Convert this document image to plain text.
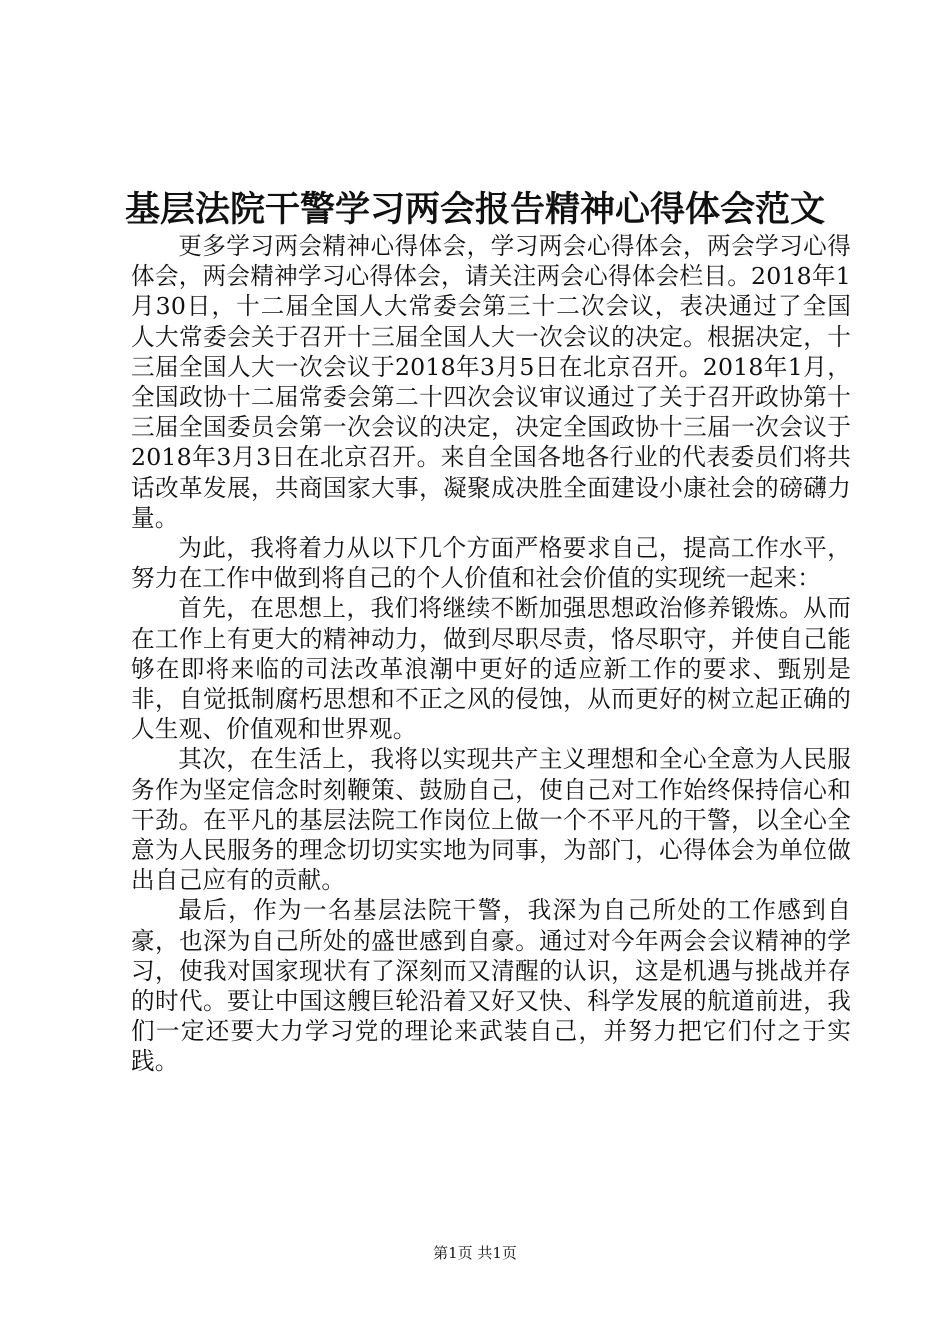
基层法院干警学习两会报告精神心得体会范文

更多学习两会精神心得体会，学习两会心得体会，两会学习心得体会，两会精神学习心得体会，请关注两会心得体会栏目。2018年1月30日，十二届全国人大常委会第三十二次会议，表决通过了全国人大常委会关于召开十三届全国人大一次会议的决定。根据决定，十三届全国人大一次会议于2018年3月5日在北京召开。2018年1月，全国政协十二届常委会第二十四次会议审议通过了关于召开政协第十三届全国委员会第一次会议的决定，决定全国政协十三届一次会议于2018年3月3日在北京召开。来自全国各地各行业的代表委员们将共话改革发展，共商国家大事，凝聚成决胜全面建设小康社会的磅礴力量。

为此，我将着力从以下几个方面严格要求自己，提高工作水平，努力在工作中做到将自己的个人价值和社会价值的实现统一起来：

首先，在思想上，我们将继续不断加强思想政治修养锻炼。从而在工作上有更大的精神动力，做到尽职尽责，恪尽职守，并使自己能够在即将来临的司法改革浪潮中更好的适应新工作的要求、甄别是非，自觉抵制腐朽思想和不正之风的侵蚀，从而更好的树立起正确的人生观、价值观和世界观。

其次，在生活上，我将以实现共产主义理想和全心全意为人民服务作为坚定信念时刻鞭策、鼓励自己，使自己对工作始终保持信心和干劲。在平凡的基层法院工作岗位上做一个不平凡的干警，以全心全意为人民服务的理念切切实实地为同事，为部门，心得体会为单位做出自己应有的贡献。

最后，作为一名基层法院干警，我深为自己所处的工作感到自豪，也深为自己所处的盛世感到自豪。通过对今年两会会议精神的学习，使我对国家现状有了深刻而又清醒的认识，这是机遇与挑战并存的时代。要让中国这艘巨轮沿着又好又快、科学发展的航道前进，我们一定还要大力学习党的理论来武装自己，并努力把它们付之于实践。

第1页 共1页
